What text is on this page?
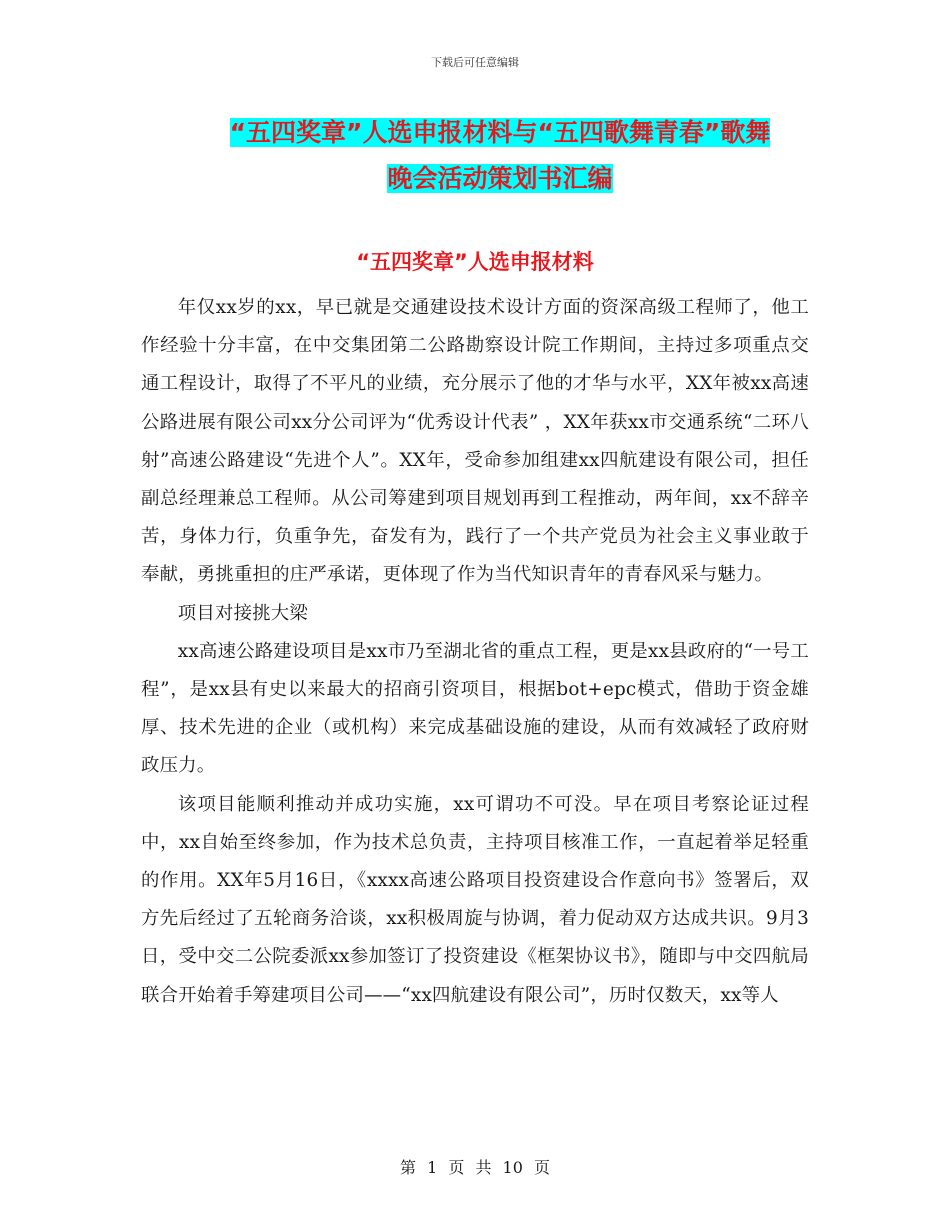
下载后可任意编辑
“五四奖章”人选申报材料与“五四歌舞青春”歌舞
晚会活动策划书汇编
“五四奖章”人选申报材料

年仅xx岁的xx，早已就是交通建设技术设计方面的资深高级工程师了，他工作经验十分丰富，在中交集团第二公路勘察设计院工作期间，主持过多项重点交通工程设计，取得了不平凡的业绩，充分展示了他的才华与水平，XX年被xx高速公路进展有限公司xx分公司评为“优秀设计代表” ，XX年获xx市交通系统“二环八射”高速公路建设“先进个人”。XX年，受命参加组建xx四航建设有限公司，担任副总经理兼总工程师。从公司筹建到项目规划再到工程推动，两年间，xx不辞辛苦，身体力行，负重争先，奋发有为，践行了一个共产党员为社会主义事业敢于奉献，勇挑重担的庄严承诺，更体现了作为当代知识青年的青春风采与魅力。

项目对接挑大梁

xx高速公路建设项目是xx市乃至湖北省的重点工程，更是xx县政府的“一号工程”，是xx县有史以来最大的招商引资项目，根据bot+epc模式，借助于资金雄厚、技术先进的企业（或机构）来完成基础设施的建设，从而有效减轻了政府财政压力。

该项目能顺利推动并成功实施，xx可谓功不可没。早在项目考察论证过程中，xx自始至终参加，作为技术总负责，主持项目核准工作，一直起着举足轻重的作用。XX年5月16日，《xxxx高速公路项目投资建设合作意向书》签署后，双方先后经过了五轮商务洽谈，xx积极周旋与协调，着力促动双方达成共识。9月3日，受中交二公院委派xx参加签订了投资建设《框架协议书》，随即与中交四航局联合开始着手筹建项目公司——“xx四航建设有限公司”，历时仅数天，xx等人

第 1 页 共 10 页
